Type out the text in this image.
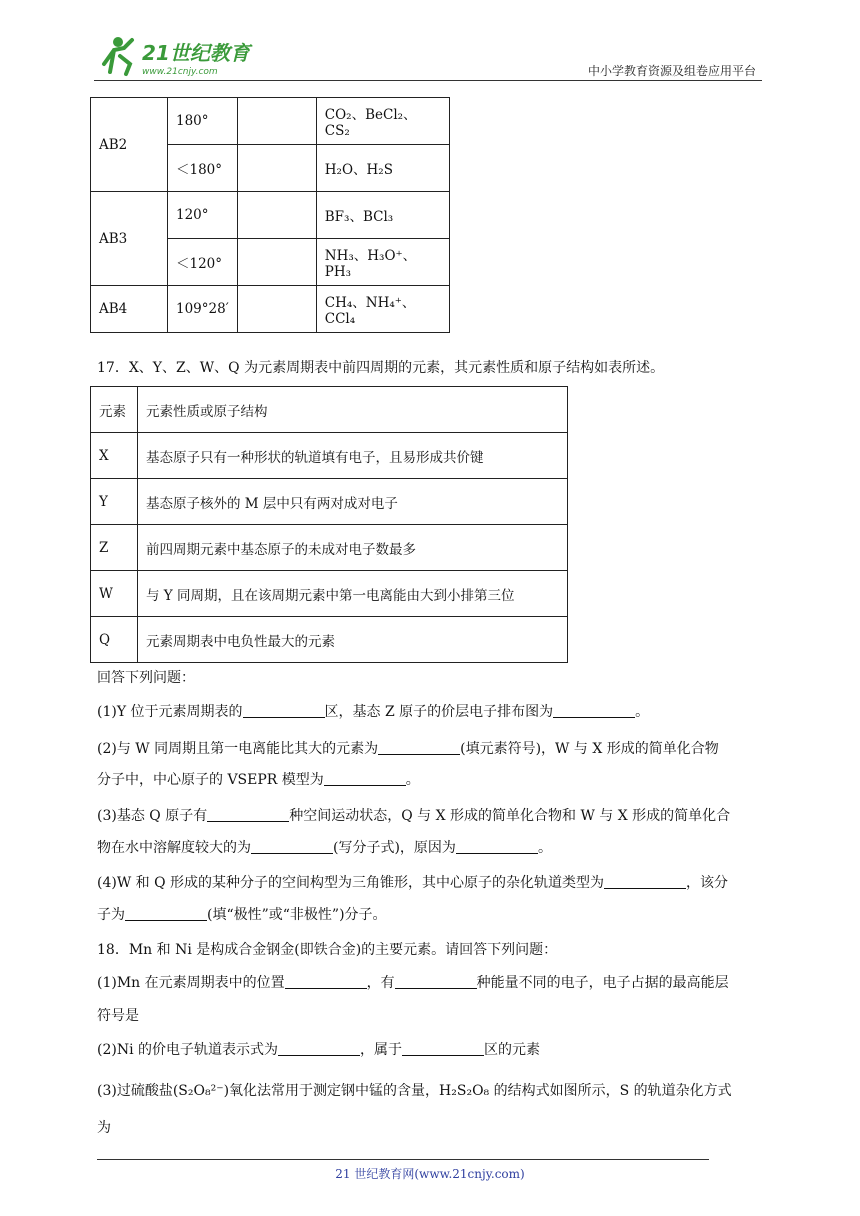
21世纪教育
www.21cnjy.com	中小学教育资源及组卷应用平台
AB2	180°		CO₂、BeCl₂、CS₂
	＜180°		H₂O、H₂S
AB3	120°		BF₃、BCl₃
	＜120°		NH₃、H₃O⁺、PH₃
AB4	109°28′		CH₄、NH₄⁺、CCl₄
17．X、Y、Z、W、Q 为元素周期表中前四周期的元素，其元素性质和原子结构如表所述。
元素	元素性质或原子结构
X	基态原子只有一种形状的轨道填有电子，且易形成共价键
Y	基态原子核外的 M 层中只有两对成对电子
Z	前四周期元素中基态原子的未成对电子数最多
W	与 Y 同周期，且在该周期元素中第一电离能由大到小排第三位
Q	元素周期表中电负性最大的元素
回答下列问题：
(1)Y 位于元素周期表的	区，基态 Z 原子的价层电子排布图为	。
(2)与 W 同周期且第一电离能比其大的元素为	(填元素符号)，W 与 X 形成的简单化合物
分子中，中心原子的 VSEPR 模型为	。
(3)基态 Q 原子有	种空间运动状态，Q 与 X 形成的简单化合物和 W 与 X 形成的简单化合
物在水中溶解度较大的为	(写分子式)，原因为	。
(4)W 和 Q 形成的某种分子的空间构型为三角锥形，其中心原子的杂化轨道类型为	，该分
子为	(填“极性”或“非极性”)分子。
18．Mn 和 Ni 是构成合金钢金(即铁合金)的主要元素。请回答下列问题：
(1)Mn 在元素周期表中的位置	，有	种能量不同的电子，电子占据的最高能层
符号是
(2)Ni 的价电子轨道表示式为	，属于	区的元素
(3)过硫酸盐(S₂O₈²⁻)氧化法常用于测定钢中锰的含量，H₂S₂O₈ 的结构式如图所示，S 的轨道杂化方式
为
21 世纪教育网(www.21cnjy.com)
